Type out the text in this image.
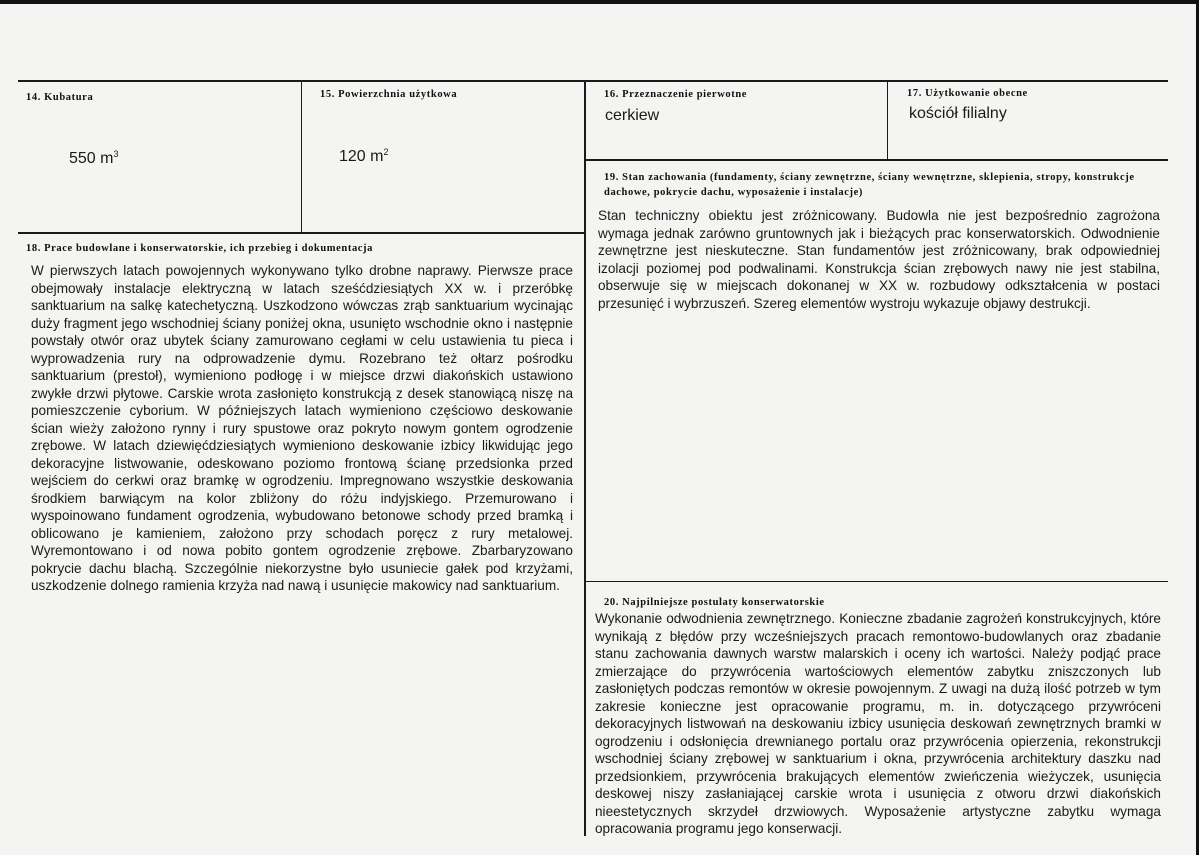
14. Kubatura
550 $m^3$
15. Powierzchnia użytkowa
120 $m^2$
16. Przeznaczenie pierwotne
cerkiew
17. Użytkowanie obecne
kościół filialny
18. Prace budowlane i konserwatorskie, ich przebieg i dokumentacja

W pierwszych latach powojennych wykonywano tylko drobne naprawy. Pierwsze prace obejmowały instalacje elektryczną w latach sześćdziesiątych XX w. i przeróbkę sanktuarium na salkę katechetyczną. Uszkodzono wówczas zrąb sanktuarium wycinając duży fragment jego wschodniej ściany poniżej okna, usunięto wschodnie okno i następnie powstały otwór oraz ubytek ściany zamurowano cegłami w celu ustawienia tu pieca i wyprowadzenia rury na odprowadzenie dymu. Rozebrano też ołtarz pośrodku sanktuarium (prestoł), wymieniono podłogę i w miejsce drzwi diakońskich ustawiono zwykłe drzwi płytowe. Carskie wrota zasłonięto konstrukcją z desek stanowiącą niszę na pomieszczenie cyborium. W późniejszych latach wymieniono częściowo deskowanie ścian wieży założono rynny i rury spustowe oraz pokryto nowym gontem ogrodzenie zrębowe. W latach dziewięćdziesiątych wymieniono deskowanie izbicy likwidując jego dekoracyjne listwowanie, odeskowano poziomo frontową ścianę przedsionka przed wejściem do cerkwi oraz bramkę w ogrodzeniu. Impregnowano wszystkie deskowania środkiem barwiącym na kolor zbliżony do różu indyjskiego. Przemurowano i wyspoinowano fundament ogrodzenia, wybudowano betonowe schody przed bramką i oblicowano je kamieniem, założono przy schodach poręcz z rury metalowej. Wyremontowano i od nowa pobito gontem ogrodzenie zrębowe. Zbarbaryzowano pokrycie dachu blachą. Szczególnie niekorzystne było usuniecie gałek pod krzyżami, uszkodzenie dolnego ramienia krzyża nad nawą i usunięcie makowicy nad sanktuarium.

19. Stan zachowania (fundamenty, ściany zewnętrzne, ściany wewnętrzne, sklepienia, stropy, konstrukcje dachowe, pokrycie dachu, wyposażenie i instalacje)

Stan techniczny obiektu jest zróżnicowany. Budowla nie jest bezpośrednio zagrożona wymaga jednak zarówno gruntownych jak i bieżących prac konserwatorskich. Odwodnienie zewnętrzne jest nieskuteczne. Stan fundamentów jest zróżnicowany, brak odpowiedniej izolacji poziomej pod podwalinami. Konstrukcja ścian zrębowych nawy nie jest stabilna, obserwuje się w miejscach dokonanej w XX w. rozbudowy odkształcenia w postaci przesunięć i wybrzuszeń. Szereg elementów wystroju wykazuje objawy destrukcji.

20. Najpilniejsze postulaty konserwatorskie

Wykonanie odwodnienia zewnętrznego. Konieczne zbadanie zagrożeń konstrukcyjnych, które wynikają z błędów przy wcześniejszych pracach remontowo-budowlanych oraz zbadanie stanu zachowania dawnych warstw malarskich i oceny ich wartości. Należy podjąć prace zmierzające do przywrócenia wartościowych elementów zabytku zniszczonych lub zasłoniętych podczas remontów w okresie powojennym. Z uwagi na dużą ilość potrzeb w tym zakresie konieczne jest opracowanie programu, m. in. dotyczącego przywróceni dekoracyjnych listwowań na deskowaniu izbicy usunięcia deskowań zewnętrznych bramki w ogrodzeniu i odsłonięcia drewnianego portalu oraz przywrócenia opierzenia, rekonstrukcji wschodniej ściany zrębowej w sanktuarium i okna, przywrócenia architektury daszku nad przedsionkiem, przywrócenia brakujących elementów zwieńczenia wieżyczek, usunięcia deskowej niszy zasłaniającej carskie wrota i usunięcia z otworu drzwi diakońskich nieestetycznych skrzydeł drzwiowych. Wyposażenie artystyczne zabytku wymaga opracowania programu jego konserwacji.
